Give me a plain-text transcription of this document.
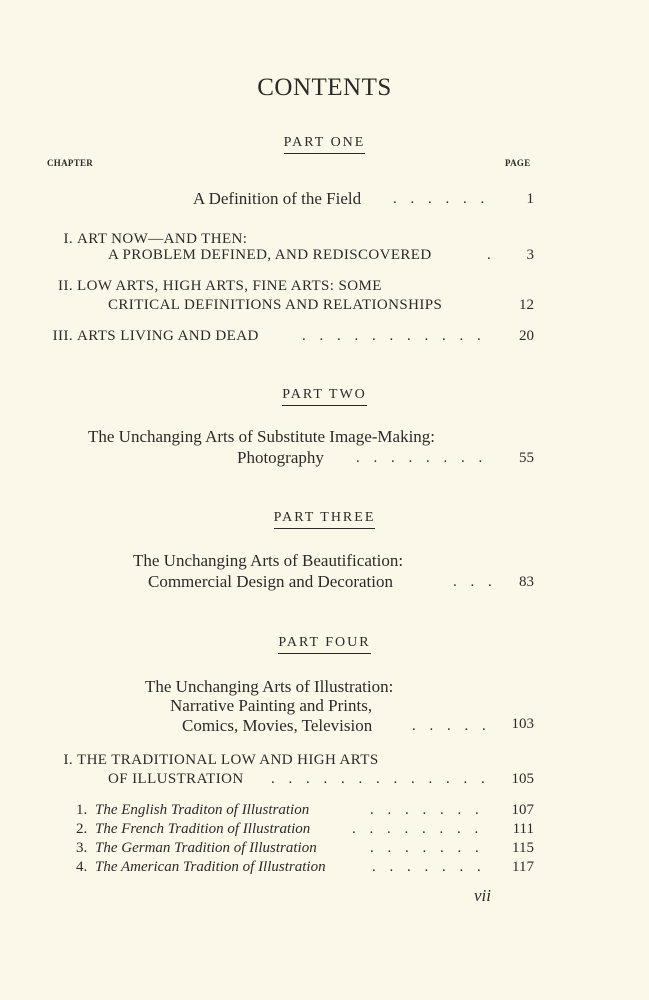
CONTENTS
PART ONE
CHAPTER	PAGE
A Definition of the Field . . . . . .	1
I. ART NOW—AND THEN:
A PROBLEM DEFINED, AND REDISCOVERED	.	3
II. LOW ARTS, HIGH ARTS, FINE ARTS: SOME
CRITICAL DEFINITIONS AND RELATIONSHIPS	12
III. ARTS LIVING AND DEAD	. . . . . . . . . . .	20
PART TWO
The Unchanging Arts of Substitute Image-Making:
Photography . . . . . . . .	55
PART THREE
The Unchanging Arts of Beautification:
Commercial Design and Decoration	. . .	83
PART FOUR
The Unchanging Arts of Illustration:
Narrative Painting and Prints,
Comics, Movies, Television	. . . . .	103
I. THE TRADITIONAL LOW AND HIGH ARTS
OF ILLUSTRATION . . . . . . . . . . . . .	105
1. The English Traditon of Illustration	. . . . . . .	107
2. The French Tradition of Illustration	. . . . . . . .	111
3. The German Tradition of Illustration	. . . . . . .	115
4. The American Tradition of Illustration	. . . . . . .	117
vii
